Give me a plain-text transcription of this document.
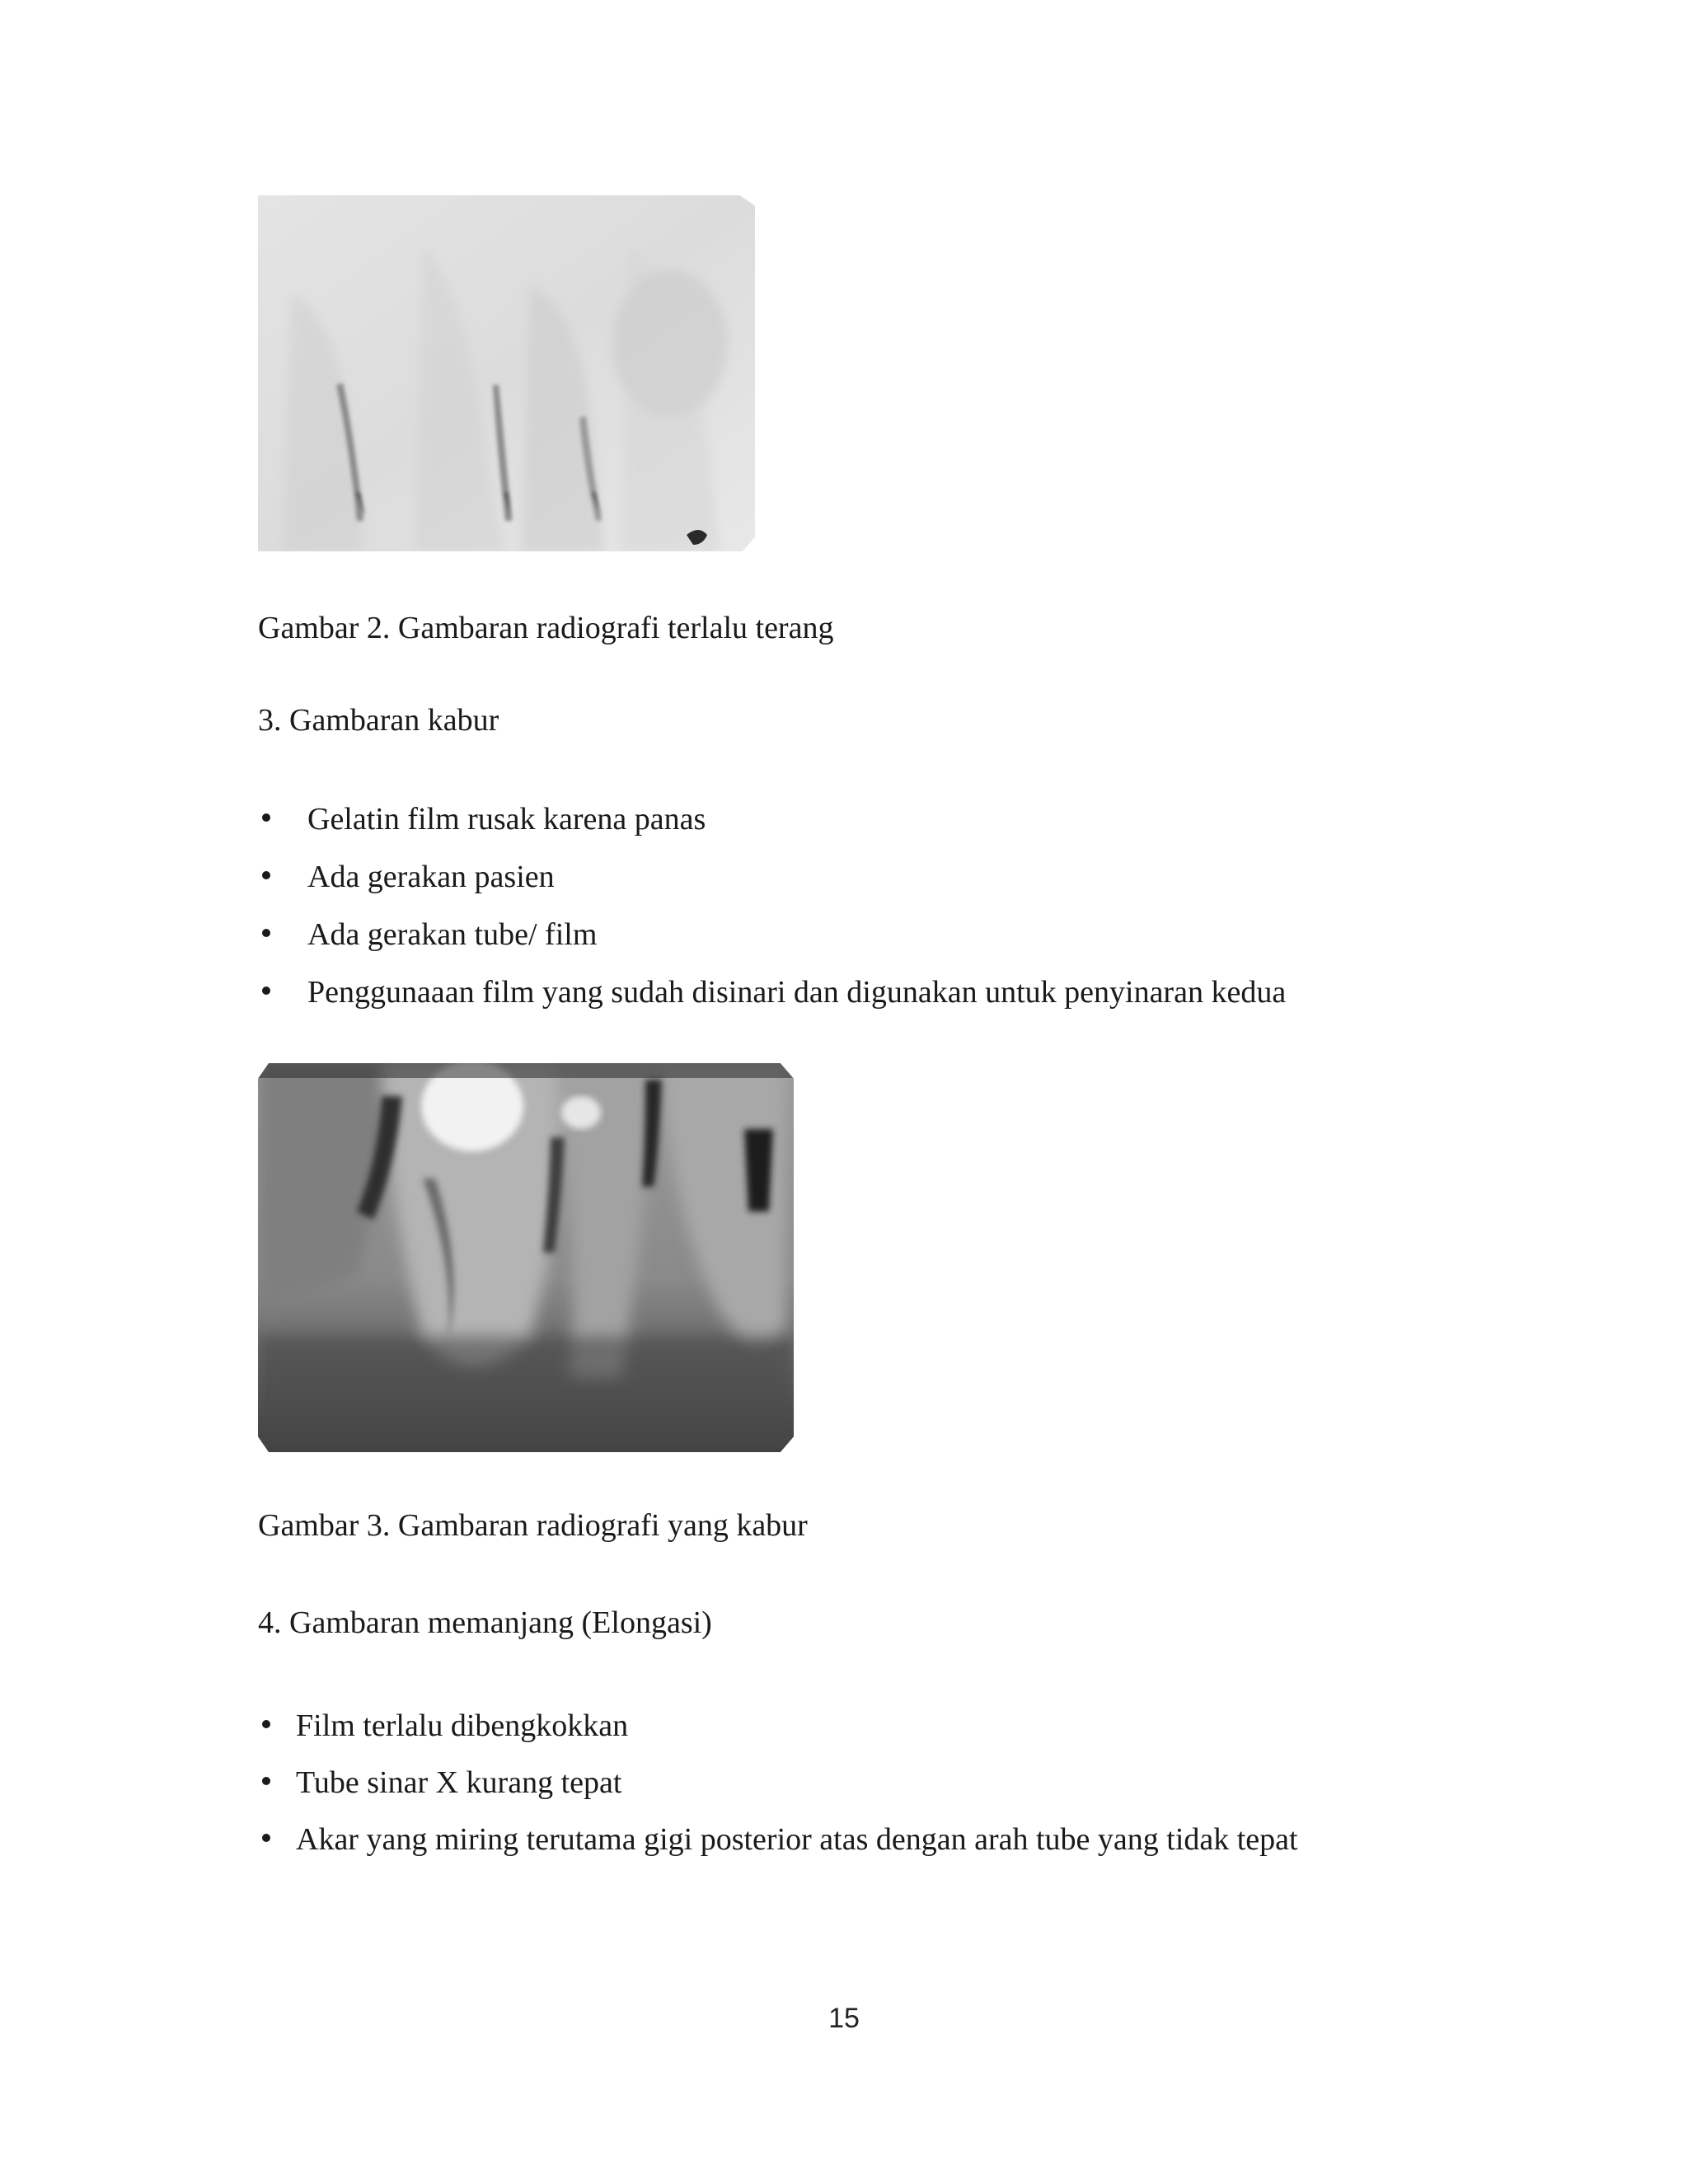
Gambar 2. Gambaran radiografi terlalu terang
3. Gambaran kabur
Gelatin film rusak karena panas
Ada gerakan pasien
Ada gerakan tube/ film
Penggunaaan film yang sudah disinari dan digunakan untuk penyinaran kedua
Gambar 3. Gambaran radiografi yang kabur
4. Gambaran memanjang (Elongasi)
Film terlalu dibengkokkan
Tube sinar X kurang tepat
Akar yang miring terutama gigi posterior atas dengan arah tube yang tidak tepat
15
